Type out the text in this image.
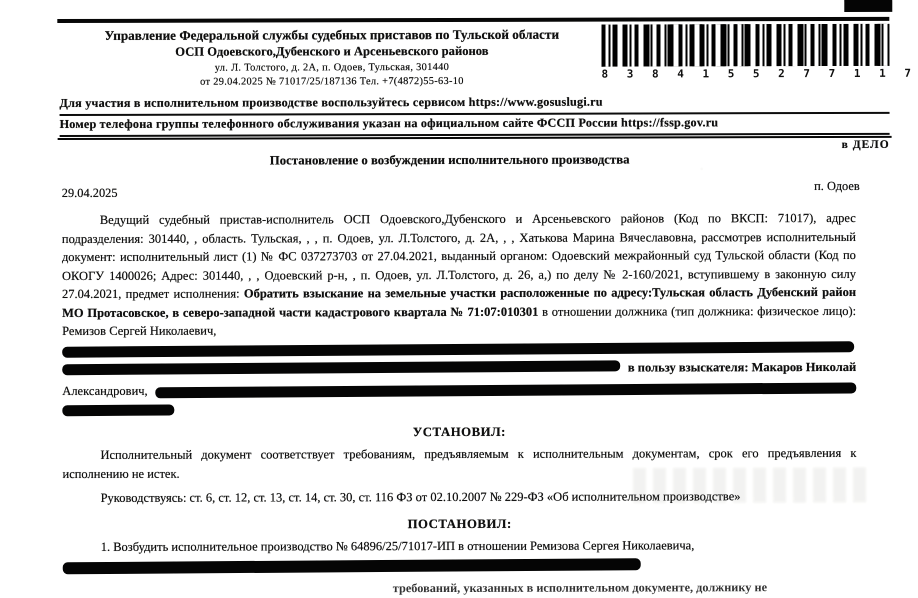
Управление Федеральной службы судебных приставов по Тульской области
ОСП Одоевского,Дубенского и Арсеньевского районов
ул. Л. Толстого, д. 2А, п. Одоев, Тульская, 301440
от 29.04.2025 № 71017/25/187136 Тел. +7(4872)55-63-10
8 3 8 4 1 5 5 2 7 7 1 1 7
Для участия в исполнительном производстве воспользуйтесь сервисом https://www.gosuslugi.ru
Номер телефона группы телефонного обслуживания указан на официальном сайте ФССП России https://fssp.gov.ru
в ДЕЛО
Постановление о возбуждении исполнительного производства
29.04.2025	п. Одоев
Ведущий судебный пристав-исполнитель ОСП Одоевского,Дубенского и Арсеньевского районов (Код по ВКСП: 71017), адрес подразделения: 301440, , область. Тульская, , , п. Одоев, ул. Л.Толстого, д. 2А, , , Хатькова Марина Вячеславовна, рассмотрев исполнительный документ: исполнительный лист (1) № ФС 037273703 от 27.04.2021, выданный органом: Одоевский межрайонный суд Тульской области (Код по ОКОГУ 1400026; Адрес: 301440, , , Одоевский р-н, , п. Одоев, ул. Л.Толстого, д. 26, а,) по делу № 2-160/2021, вступившему в законную силу 27.04.2021, предмет исполнения: Обратить взыскание на земельные участки расположенные по адресу:Тульская область Дубенский район МО Протасовское, в северо-западной части кадастрового квартала № 71:07:010301 в отношении должника (тип должника: физическое лицо): Ремизов Сергей Николаевич,
в пользу взыскателя: Макаров Николай
Александрович,
УСТАНОВИЛ:
Исполнительный документ соответствует требованиям, предъявляемым к исполнительным документам, срок его предъявления к исполнению не истек.
Руководствуясь: ст. 6, ст. 12, ст. 13, ст. 14, ст. 30, ст. 116 ФЗ от 02.10.2007 № 229-ФЗ «Об исполнительном производстве»
ПОСТАНОВИЛ:
1. Возбудить исполнительное производство № 64896/25/71017-ИП в отношении Ремизова Сергея Николаевича,
требований, указанных в исполнительном документе, должнику не
